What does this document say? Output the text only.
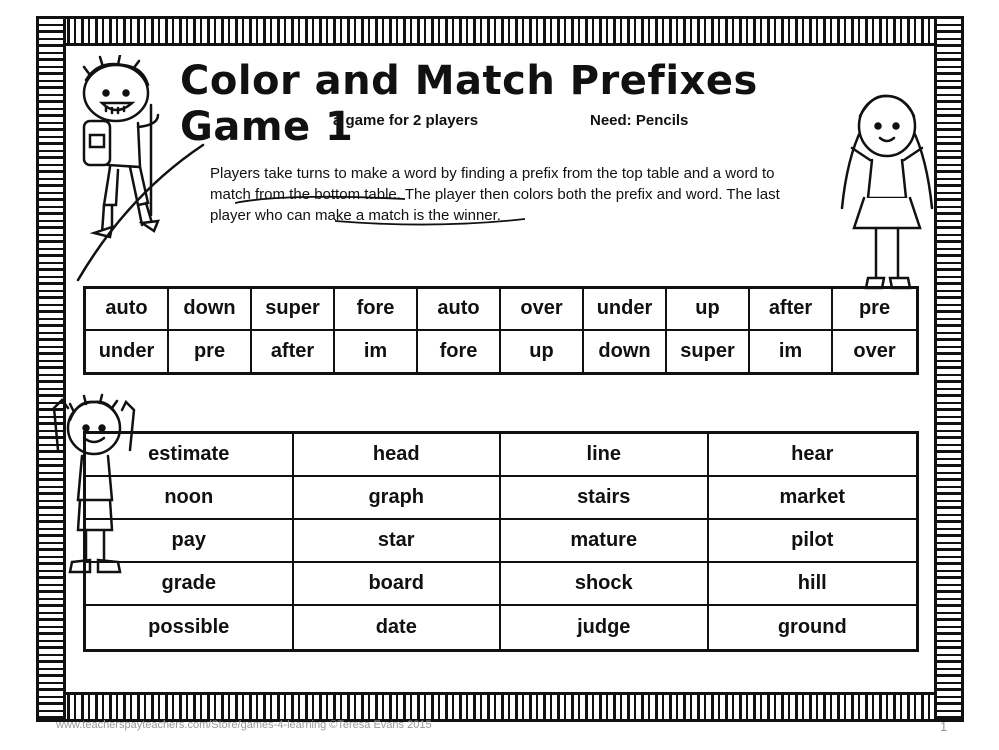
Color and Match Prefixes Game 1
a game for 2 players	Need: Pencils
Players take turns to make a word by finding a prefix from the top table and a word to match from the bottom table. The player then colors both the prefix and word. The last player who can make a match is the winner.
auto	down	super	fore	auto	over	under	up	after	pre
under	pre	after	im	fore	up	down	super	im	over
estimate	head	line	hear
noon	graph	stairs	market
pay	star	mature	pilot
grade	board	shock	hill
possible	date	judge	ground
www.teacherspayteachers.com/Store/games-4-learning ©Teresa Evans 2015	1
